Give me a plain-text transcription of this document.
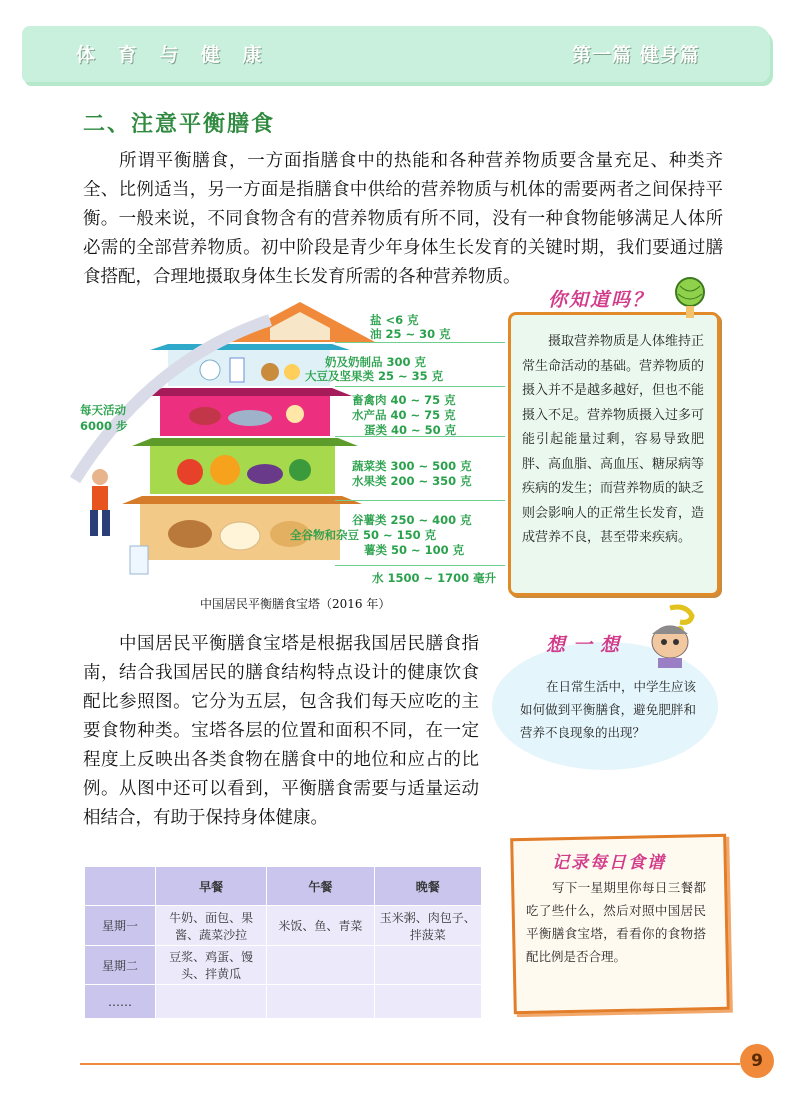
体 育 与 健 康	第一篇 健身篇
二、注意平衡膳食
所谓平衡膳食，一方面指膳食中的热能和各种营养物质要含量充足、种类齐全、比例适当，另一方面是指膳食中供给的营养物质与机体的需要两者之间保持平衡。一般来说，不同食物含有的营养物质有所不同，没有一种食物能够满足人体所必需的全部营养物质。初中阶段是青少年身体生长发育的关键时期，我们要通过膳食搭配，合理地摄取身体生长发育所需的各种营养物质。
每天活动
6000 步
盐 <6 克
油 25 ~ 30 克
奶及奶制品 300 克
大豆及坚果类 25 ~ 35 克
畜禽肉 40 ~ 75 克
水产品 40 ~ 75 克
蛋类 40 ~ 50 克
蔬菜类 300 ~ 500 克
水果类 200 ~ 350 克
谷薯类 250 ~ 400 克
全谷物和杂豆 50 ~ 150 克
薯类 50 ~ 100 克
水 1500 ~ 1700 毫升
中国居民平衡膳食宝塔（2016 年）
你知道吗？
摄取营养物质是人体维持正常生命活动的基础。营养物质的摄入并不是越多越好，但也不能摄入不足。营养物质摄入过多可能引起能量过剩，容易导致肥胖、高血脂、高血压、糖尿病等疾病的发生；而营养物质的缺乏则会影响人的正常生长发育，造成营养不良，甚至带来疾病。
中国居民平衡膳食宝塔是根据我国居民膳食指南，结合我国居民的膳食结构特点设计的健康饮食配比参照图。它分为五层，包含我们每天应吃的主要食物种类。宝塔各层的位置和面积不同，在一定程度上反映出各类食物在膳食中的地位和应占的比例。从图中还可以看到，平衡膳食需要与适量运动相结合，有助于保持身体健康。
想一想
在日常生活中，中学生应该如何做到平衡膳食，避免肥胖和营养不良现象的出现？
记录每日食谱
写下一星期里你每日三餐都吃了些什么，然后对照中国居民平衡膳食宝塔，看看你的食物搭配比例是否合理。
	早餐	午餐	晚餐
星期一	牛奶、面包、果酱、蔬菜沙拉	米饭、鱼、青菜	玉米粥、肉包子、拌菠菜
星期二	豆浆、鸡蛋、馒头、拌黄瓜		
……			
9
